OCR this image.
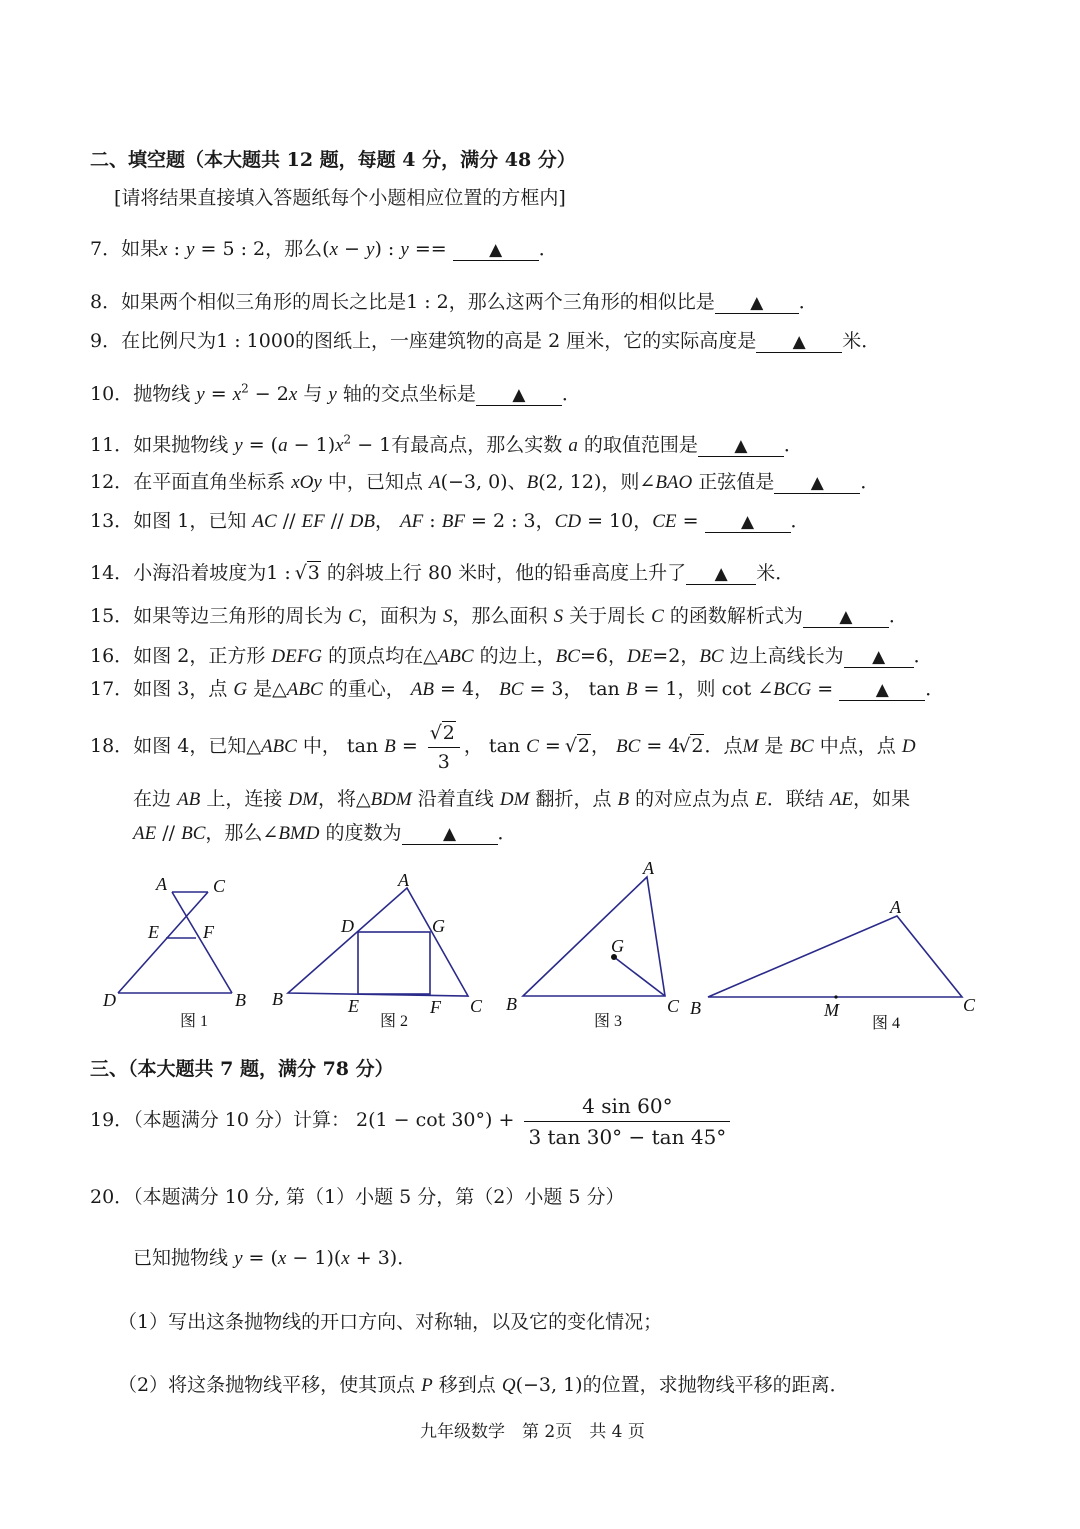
二、填空题（本大题共 12 题，每题 4 分，满分 48 分）
[请将结果直接填入答题纸每个小题相应位置的方框内]
7．如果x : y = 5 : 2，那么(x − y) : y == ▲ ．
8．如果两个相似三角形的周长之比是1 : 2，那么这两个三角形的相似比是 ▲ ．
9．在比例尺为1 : 1000的图纸上，一座建筑物的高是 2 厘米，它的实际高度是 ▲ 米．
10．抛物线 $y = x^2 - 2x$ 与 y 轴的交点坐标是 ▲ ．
11．如果抛物线 $y = (a - 1)x^2 - 1$有最高点，那么实数 a 的取值范围是 ▲ ．
12．在平面直角坐标系 xOy 中，已知点 A(−3, 0)、B(2, 12)，则∠BAO 正弦值是 ▲ ．
13．如图 1，已知 AC // EF // DB， AF : BF = 2 : 3，CD = 10，CE = ▲ ．
14．小海沿着坡度为1 : √ 3 的斜坡上行 80 米时，他的铅垂高度上升了 ▲ 米．
15．如果等边三角形的周长为 C，面积为 S，那么面积 S 关于周长 C 的函数解析式为 ▲ ．
16．如图 2，正方形 DEFG 的顶点均在△ABC 的边上，BC=6，DE=2，BC 边上高线长为 ▲ ．
17．如图 3，点 G 是△ABC 的重心， AB = 4， BC = 3， tan B = 1，则 cot ∠BCG = ▲ ．
18．如图 4，已知△ABC 中， tan B = √ $\frac{2}{3}$ ， tan C = √ 2， BC = 4 √ 2．点M 是 BC 中点，点 D
在边 AB 上，连接 DM，将△BDM 沿着直线 DM 翻折，点 B 的对应点为点 E．联结 AE，如果
AE // BC，那么∠BMD 的度数为 ▲ ．
A	C
E F
D	B
A
D	G
B	E	F C
A
G
B	C
A
B	M	C
图 1	图 2	图 3	图 4
三、（本大题共 7 题，满分 78 分）
19．（本题满分 10 分）计算： $2(1 - \cot 30^\circ) + \frac{4 \sin 60^\circ}{3 \tan 30^\circ - \tan 45^\circ}$
20．（本题满分 10 分, 第（1）小题 5 分，第（2）小题 5 分）
已知抛物线 y = (x − 1)(x + 3)．
（1）写出这条抛物线的开口方向、对称轴，以及它的变化情况；
（2）将这条抛物线平移，使其顶点 P 移到点 Q(−3, 1)的位置，求抛物线平移的距离．
九年级数学　第 2页　共 4 页
